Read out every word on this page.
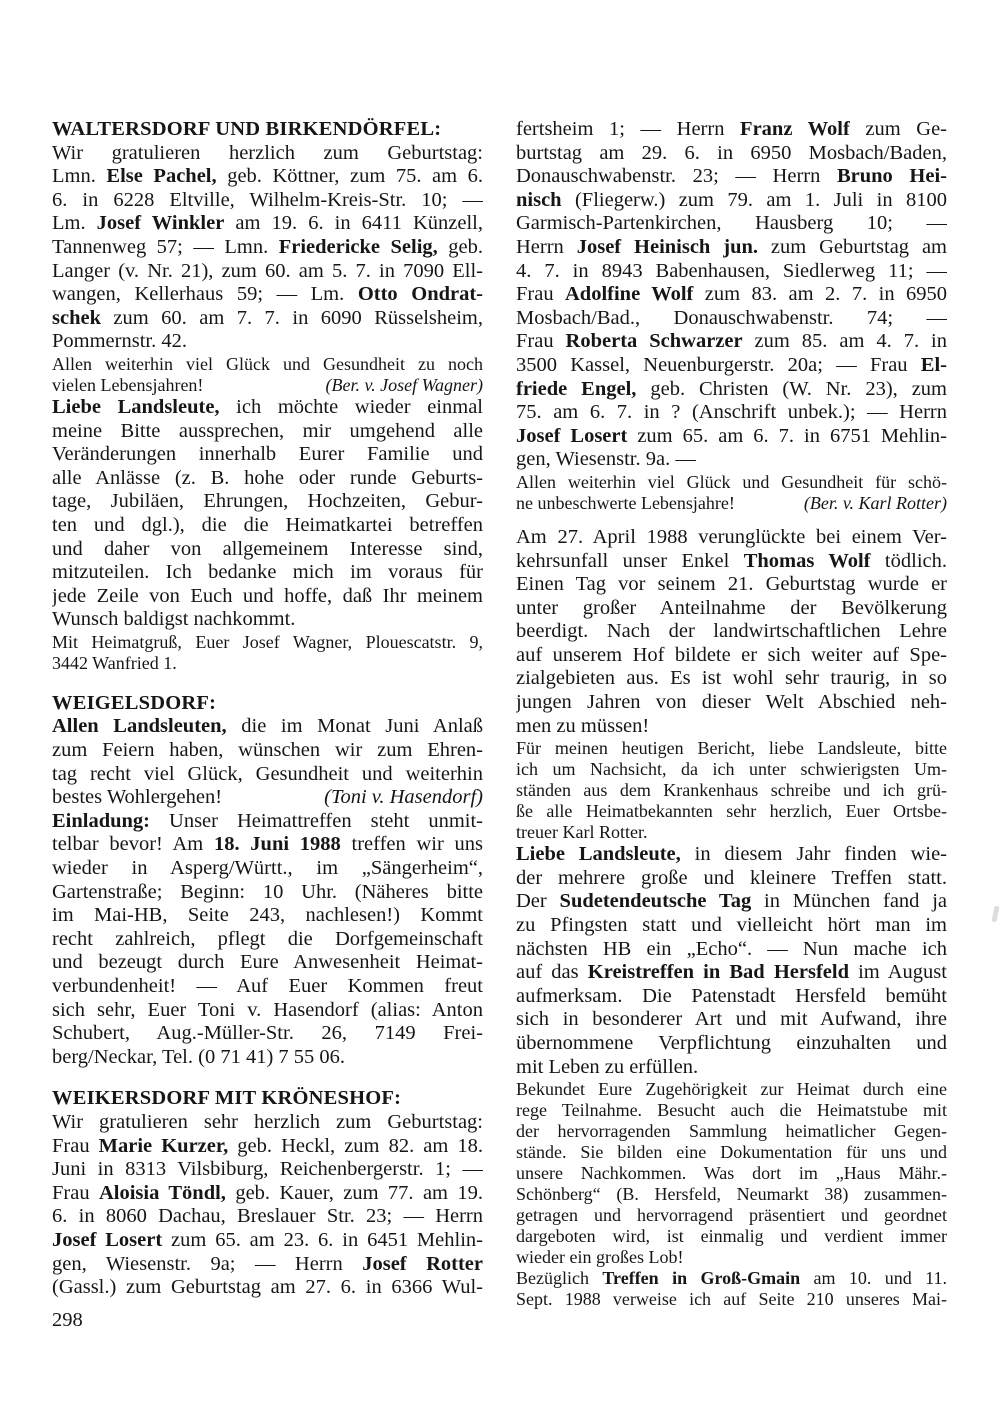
WALTERSDORF UND BIRKENDÖRFEL:
Wir gratulieren herzlich zum Geburtstag:
Lmn. Else Pachel, geb. Köttner, zum 75. am 6.
6. in 6228 Eltville, Wilhelm-Kreis-Str. 10; —
Lm. Josef Winkler am 19. 6. in 6411 Künzell,
Tannenweg 57; — Lmn. Friedericke Selig, geb.
Langer (v. Nr. 21), zum 60. am 5. 7. in 7090 Ell-
wangen, Kellerhaus 59; — Lm. Otto Ondrat-
schek zum 60. am 7. 7. in 6090 Rüsselsheim,
Pommernstr. 42.
Allen weiterhin viel Glück und Gesundheit zu noch
vielen Lebensjahren!	(Ber. v. Josef Wagner)
Liebe Landsleute, ich möchte wieder einmal
meine Bitte aussprechen, mir umgehend alle
Veränderungen innerhalb Eurer Familie und
alle Anlässe (z. B. hohe oder runde Geburts-
tage, Jubiläen, Ehrungen, Hochzeiten, Gebur-
ten und dgl.), die die Heimatkartei betreffen
und daher von allgemeinem Interesse sind,
mitzuteilen. Ich bedanke mich im voraus für
jede Zeile von Euch und hoffe, daß Ihr meinem
Wunsch baldigst nachkommt.
Mit Heimatgruß, Euer Josef Wagner, Plouescatstr. 9,
3442 Wanfried 1.
WEIGELSDORF:
Allen Landsleuten, die im Monat Juni Anlaß
zum Feiern haben, wünschen wir zum Ehren-
tag recht viel Glück, Gesundheit und weiterhin
bestes Wohlergehen!	(Toni v. Hasendorf)
Einladung: Unser Heimattreffen steht unmit-
telbar bevor! Am 18. Juni 1988 treffen wir uns
wieder in Asperg/Württ., im „Sängerheim“,
Gartenstraße; Beginn: 10 Uhr. (Näheres bitte
im Mai-HB, Seite 243, nachlesen!) Kommt
recht zahlreich, pflegt die Dorfgemeinschaft
und bezeugt durch Eure Anwesenheit Heimat-
verbundenheit! — Auf Euer Kommen freut
sich sehr, Euer Toni v. Hasendorf (alias: Anton
Schubert, Aug.-Müller-Str. 26, 7149 Frei-
berg/Neckar, Tel. (0 71 41) 7 55 06.
WEIKERSDORF MIT KRÖNESHOF:
Wir gratulieren sehr herzlich zum Geburtstag:
Frau Marie Kurzer, geb. Heckl, zum 82. am 18.
Juni in 8313 Vilsbiburg, Reichenbergerstr. 1; —
Frau Aloisia Töndl, geb. Kauer, zum 77. am 19.
6. in 8060 Dachau, Breslauer Str. 23; — Herrn
Josef Losert zum 65. am 23. 6. in 6451 Mehlin-
gen, Wiesenstr. 9a; — Herrn Josef Rotter
(Gassl.) zum Geburtstag am 27. 6. in 6366 Wul-
fertsheim 1; — Herrn Franz Wolf zum Ge-
burtstag am 29. 6. in 6950 Mosbach/Baden,
Donauschwabenstr. 23; — Herrn Bruno Hei-
nisch (Fliegerw.) zum 79. am 1. Juli in 8100
Garmisch-Partenkirchen, Hausberg 10; —
Herrn Josef Heinisch jun. zum Geburtstag am
4. 7. in 8943 Babenhausen, Siedlerweg 11; —
Frau Adolfine Wolf zum 83. am 2. 7. in 6950
Mosbach/Bad., Donauschwabenstr. 74; —
Frau Roberta Schwarzer zum 85. am 4. 7. in
3500 Kassel, Neuenburgerstr. 20a; — Frau El-
friede Engel, geb. Christen (W. Nr. 23), zum
75. am 6. 7. in ? (Anschrift unbek.); — Herrn
Josef Losert zum 65. am 6. 7. in 6751 Mehlin-
gen, Wiesenstr. 9a. —
Allen weiterhin viel Glück und Gesundheit für schö-
ne unbeschwerte Lebensjahre!	(Ber. v. Karl Rotter)
Am 27. April 1988 verunglückte bei einem Ver-
kehrsunfall unser Enkel Thomas Wolf tödlich.
Einen Tag vor seinem 21. Geburtstag wurde er
unter großer Anteilnahme der Bevölkerung
beerdigt. Nach der landwirtschaftlichen Lehre
auf unserem Hof bildete er sich weiter auf Spe-
zialgebieten aus. Es ist wohl sehr traurig, in so
jungen Jahren von dieser Welt Abschied neh-
men zu müssen!
Für meinen heutigen Bericht, liebe Landsleute, bitte
ich um Nachsicht, da ich unter schwierigsten Um-
ständen aus dem Krankenhaus schreibe und ich grü-
ße alle Heimatbekannten sehr herzlich, Euer Ortsbe-
treuer Karl Rotter.
Liebe Landsleute, in diesem Jahr finden wie-
der mehrere große und kleinere Treffen statt.
Der Sudetendeutsche Tag in München fand ja
zu Pfingsten statt und vielleicht hört man im
nächsten HB ein „Echo“. — Nun mache ich
auf das Kreistreffen in Bad Hersfeld im August
aufmerksam. Die Patenstadt Hersfeld bemüht
sich in besonderer Art und mit Aufwand, ihre
übernommene Verpflichtung einzuhalten und
mit Leben zu erfüllen.
Bekundet Eure Zugehörigkeit zur Heimat durch eine
rege Teilnahme. Besucht auch die Heimatstube mit
der hervorragenden Sammlung heimatlicher Gegen-
stände. Sie bilden eine Dokumentation für uns und
unsere Nachkommen. Was dort im „Haus Mähr.-
Schönberg“ (B. Hersfeld, Neumarkt 38) zusammen-
getragen und hervorragend präsentiert und geordnet
dargeboten wird, ist einmalig und verdient immer
wieder ein großes Lob!
Bezüglich Treffen in Groß-Gmain am 10. und 11.
Sept. 1988 verweise ich auf Seite 210 unseres Mai-
298
